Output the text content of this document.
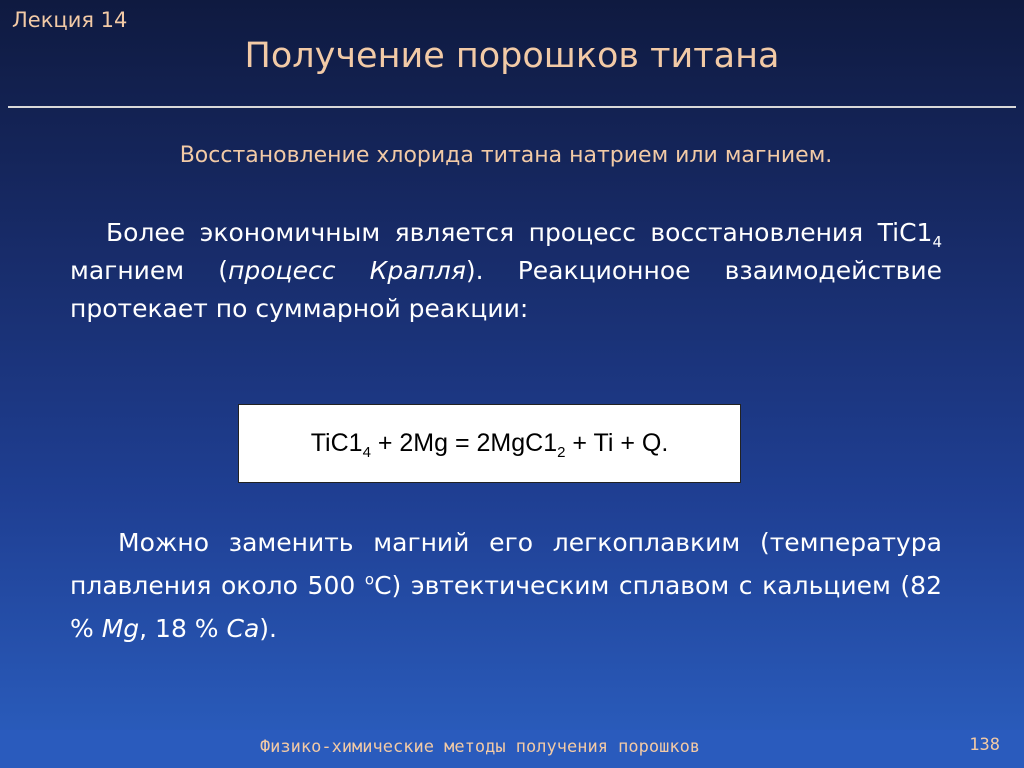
Лекция 14
Получение порошков титана
Восстановление хлорида титана натрием или магнием.
Более экономичным является процесс восстановления $TiC1_4$ магнием (процесс Крапля). Реакционное взаимодействие протекает по суммарной реакции:
$TiC1_4 + 2Mg = 2MgC1_2 + Ti + Q$.
Можно заменить магний его легкоплавким (температура плавления около 500 $^o$С) эвтектическим сплавом с кальцием (82 % Mg, 18 % Ca).
Физико-химические методы получения порошков	138
